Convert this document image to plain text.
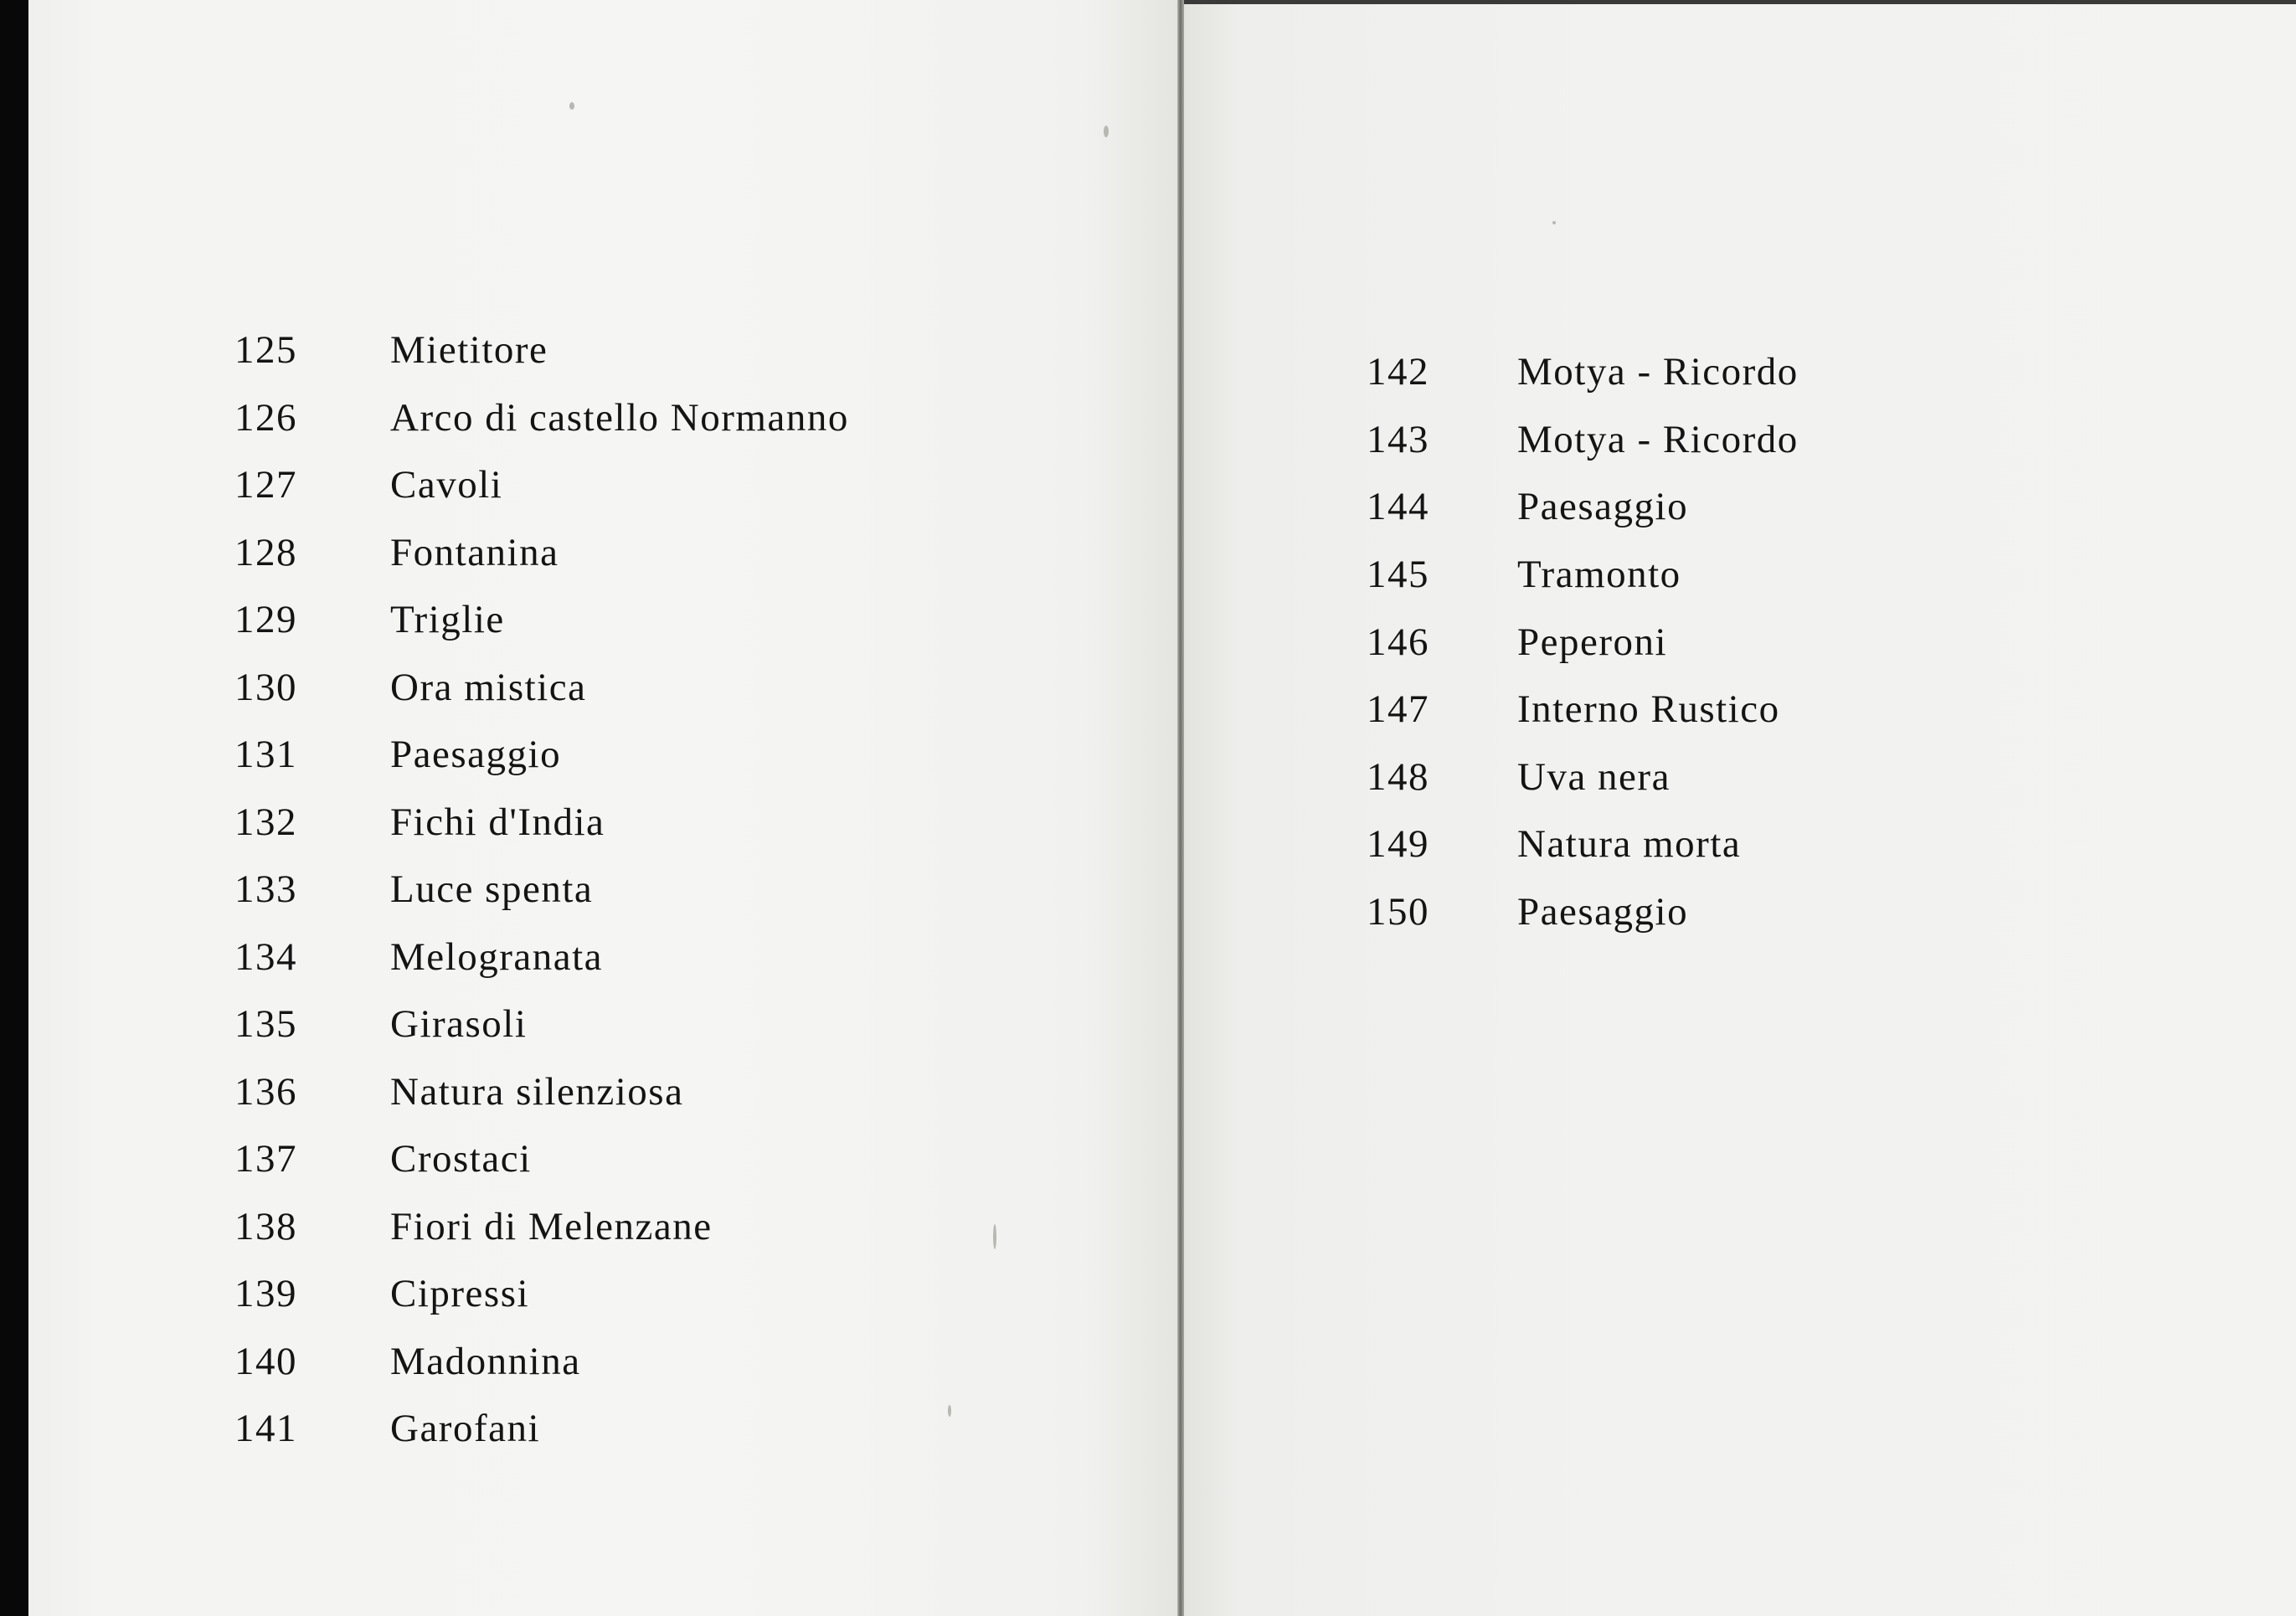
125	Mietitore
126	Arco di castello Normanno
127	Cavoli
128	Fontanina
129	Triglie
130	Ora mistica
131	Paesaggio
132	Fichi d'India
133	Luce spenta
134	Melogranata
135	Girasoli
136	Natura silenziosa
137	Crostaci
138	Fiori di Melenzane
139	Cipressi
140	Madonnina
141	Garofani
142	Motya - Ricordo
143	Motya - Ricordo
144	Paesaggio
145	Tramonto
146	Peperoni
147	Interno Rustico
148	Uva nera
149	Natura morta
150	Paesaggio
